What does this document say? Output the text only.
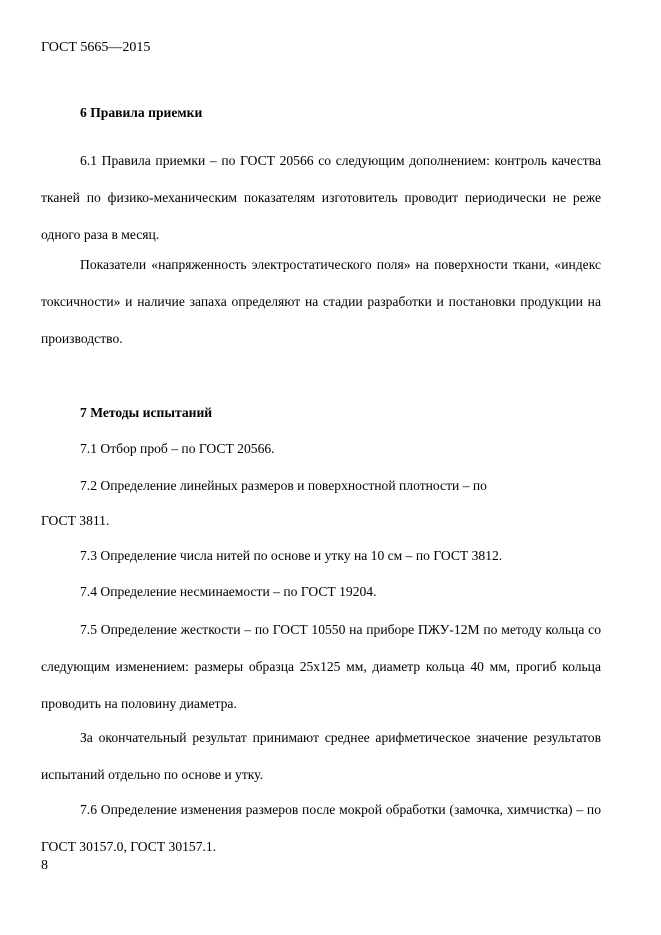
ГОСТ 5665—2015
6 Правила приемки
6.1 Правила приемки – по ГОСТ 20566 со следующим дополнением: контроль качества тканей по физико-механическим показателям изготовитель проводит периодически не реже одного раза в месяц.
Показатели «напряженность электростатического поля» на поверхности ткани, «индекс токсичности» и наличие запаха определяют на стадии разработки и постановки продукции на производство.
7 Методы испытаний
7.1 Отбор проб – по ГОСТ 20566.
7.2 Определение линейных размеров и поверхностной плотности – по
ГОСТ 3811.
7.3 Определение числа нитей по основе и утку на 10 см – по ГОСТ 3812.
7.4 Определение несминаемости – по ГОСТ 19204.
7.5 Определение жесткости – по ГОСТ 10550 на приборе ПЖУ-12М по методу кольца со следующим изменением: размеры образца 25х125 мм, диаметр кольца 40 мм, прогиб кольца проводить на половину диаметра.
За окончательный результат принимают среднее арифметическое значение результатов испытаний отдельно по основе и утку.
7.6 Определение изменения размеров после мокрой обработки (замочка, химчистка) – по ГОСТ 30157.0, ГОСТ 30157.1.
8
